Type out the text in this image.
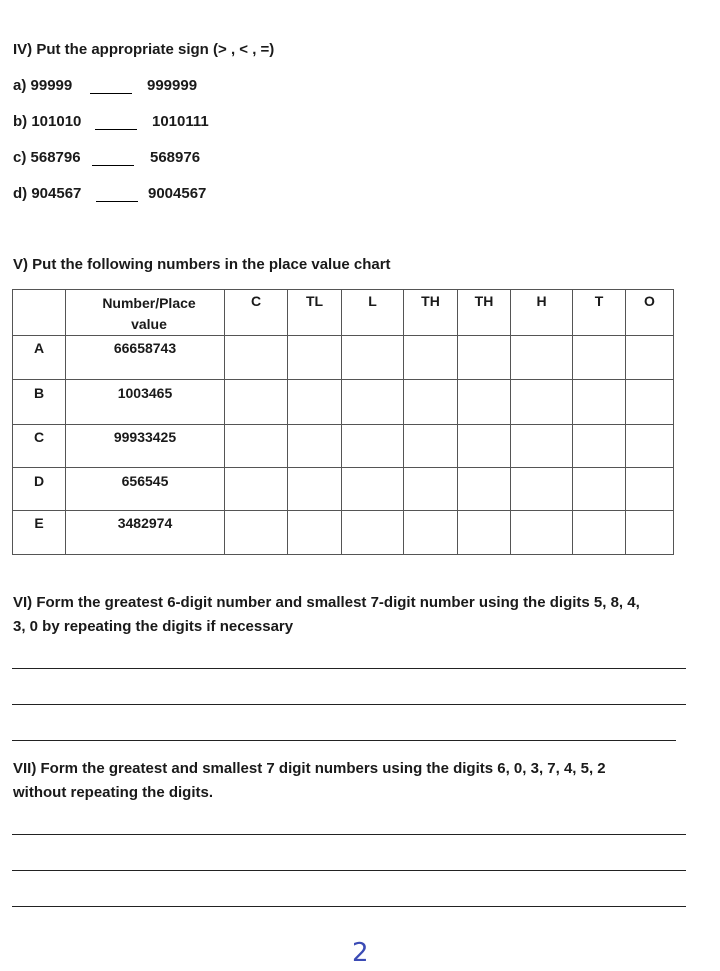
IV) Put the appropriate sign (> , < , =)
a) 99999	999999
b) 101010	1010111
c) 568796	568976
d) 904567	9004567
V) Put the following numbers in the place value chart

	Number/Place value	C	TL	L	TH	TH	H	T	O
A	66658743								
B	1003465								
C	99933425								
D	656545								
E	3482974								
VI) Form the greatest 6-digit number and smallest 7-digit number using the digits 5, 8, 4,
3, 0 by repeating the digits if necessary
VII) Form the greatest and smallest 7 digit numbers using the digits 6, 0, 3, 7, 4, 5, 2
without repeating the digits.
2
